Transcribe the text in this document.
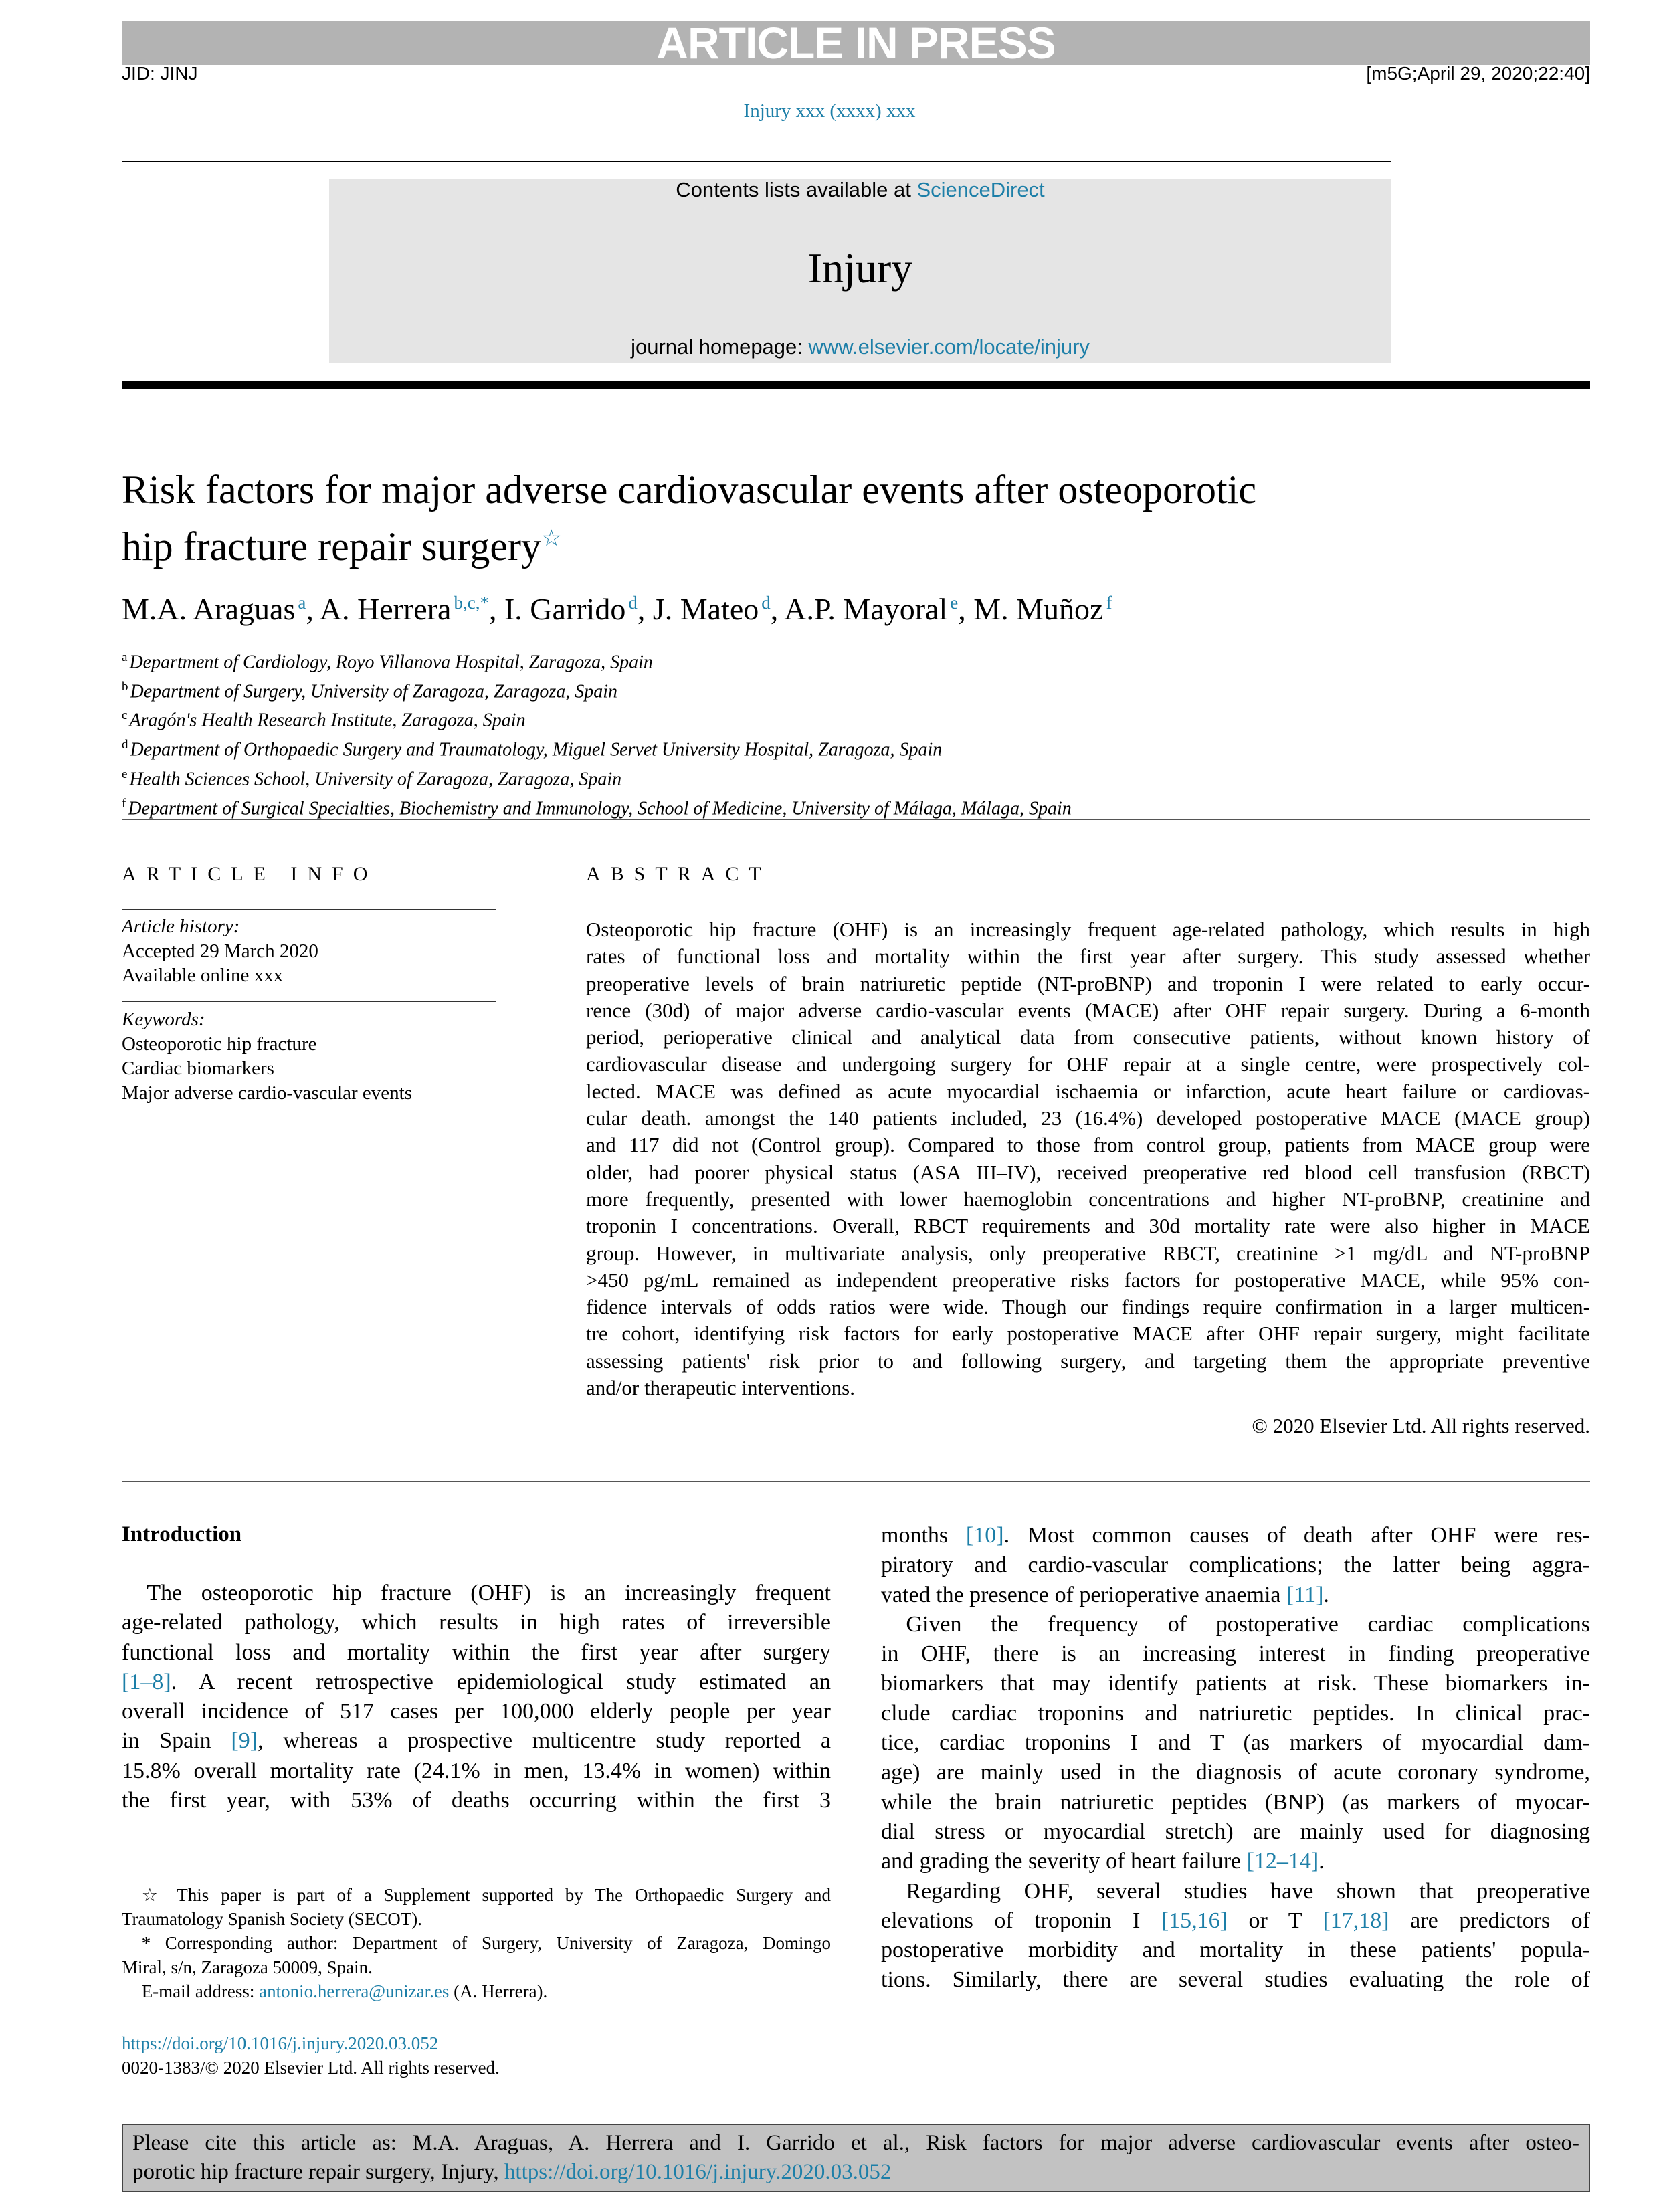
ARTICLE IN PRESS
JID: JINJ	[m5G;April 29, 2020;22:40]
Injury xxx (xxxx) xxx
Contents lists available at ScienceDirect
Injury
journal homepage: www.elsevier.com/locate/injury
Risk factors for major adverse cardiovascular events after osteoporotic
hip fracture repair surgery☆
M.A. Araguas $^a$, A. Herrera $^{b,c,*}$, I. Garrido $^d$, J. Mateo $^d$, A.P. Mayoral $^e$, M. Muñoz $^f$
$^a$ Department of Cardiology, Royo Villanova Hospital, Zaragoza, Spain
$^b$ Department of Surgery, University of Zaragoza, Zaragoza, Spain
$^c$ Aragón's Health Research Institute, Zaragoza, Spain
$^d$ Department of Orthopaedic Surgery and Traumatology, Miguel Servet University Hospital, Zaragoza, Spain
$^e$ Health Sciences School, University of Zaragoza, Zaragoza, Spain
$^f$ Department of Surgical Specialties, Biochemistry and Immunology, School of Medicine, University of Málaga, Málaga, Spain
ARTICLE INFO
Article history:
Accepted 29 March 2020
Available online xxx
Keywords:
Osteoporotic hip fracture
Cardiac biomarkers
Major adverse cardio-vascular events
ABSTRACT
Osteoporotic hip fracture (OHF) is an increasingly frequent age-related pathology, which results in high
rates of functional loss and mortality within the first year after surgery. This study assessed whether
preoperative levels of brain natriuretic peptide (NT-proBNP) and troponin I were related to early occur-
rence (30d) of major adverse cardio-vascular events (MACE) after OHF repair surgery. During a 6-month
period, perioperative clinical and analytical data from consecutive patients, without known history of
cardiovascular disease and undergoing surgery for OHF repair at a single centre, were prospectively col-
lected. MACE was defined as acute myocardial ischaemia or infarction, acute heart failure or cardiovas-
cular death. amongst the 140 patients included, 23 (16.4%) developed postoperative MACE (MACE group)
and 117 did not (Control group). Compared to those from control group, patients from MACE group were
older, had poorer physical status (ASA III–IV), received preoperative red blood cell transfusion (RBCT)
more frequently, presented with lower haemoglobin concentrations and higher NT-proBNP, creatinine and
troponin I concentrations. Overall, RBCT requirements and 30d mortality rate were also higher in MACE
group. However, in multivariate analysis, only preoperative RBCT, creatinine >1 mg/dL and NT-proBNP
>450 pg/mL remained as independent preoperative risks factors for postoperative MACE, while 95% con-
fidence intervals of odds ratios were wide. Though our findings require confirmation in a larger multicen-
tre cohort, identifying risk factors for early postoperative MACE after OHF repair surgery, might facilitate
assessing patients' risk prior to and following surgery, and targeting them the appropriate preventive
and/or therapeutic interventions.
© 2020 Elsevier Ltd. All rights reserved.
Introduction
The osteoporotic hip fracture (OHF) is an increasingly frequent
age-related pathology, which results in high rates of irreversible
functional loss and mortality within the first year after surgery
[1–8]. A recent retrospective epidemiological study estimated an
overall incidence of 517 cases per 100,000 elderly people per year
in Spain [9], whereas a prospective multicentre study reported a
15.8% overall mortality rate (24.1% in men, 13.4% in women) within
the first year, with 53% of deaths occurring within the first 3
months [10]. Most common causes of death after OHF were res-
piratory and cardio-vascular complications; the latter being aggra-
vated the presence of perioperative anaemia [11].
Given the frequency of postoperative cardiac complications
in OHF, there is an increasing interest in finding preoperative
biomarkers that may identify patients at risk. These biomarkers in-
clude cardiac troponins and natriuretic peptides. In clinical prac-
tice, cardiac troponins I and T (as markers of myocardial dam-
age) are mainly used in the diagnosis of acute coronary syndrome,
while the brain natriuretic peptides (BNP) (as markers of myocar-
dial stress or myocardial stretch) are mainly used for diagnosing
and grading the severity of heart failure [12–14].
Regarding OHF, several studies have shown that preoperative
elevations of troponin I [15,16] or T [17,18] are predictors of
postoperative morbidity and mortality in these patients' popula-
tions. Similarly, there are several studies evaluating the role of
☆ This paper is part of a Supplement supported by The Orthopaedic Surgery and
Traumatology Spanish Society (SECOT).
* Corresponding author: Department of Surgery, University of Zaragoza, Domingo
Miral, s/n, Zaragoza 50009, Spain.
E-mail address: antonio.herrera@unizar.es (A. Herrera).
https://doi.org/10.1016/j.injury.2020.03.052
0020-1383/© 2020 Elsevier Ltd. All rights reserved.
Please cite this article as: M.A. Araguas, A. Herrera and I. Garrido et al., Risk factors for major adverse cardiovascular events after osteo-
porotic hip fracture repair surgery, Injury, https://doi.org/10.1016/j.injury.2020.03.052
